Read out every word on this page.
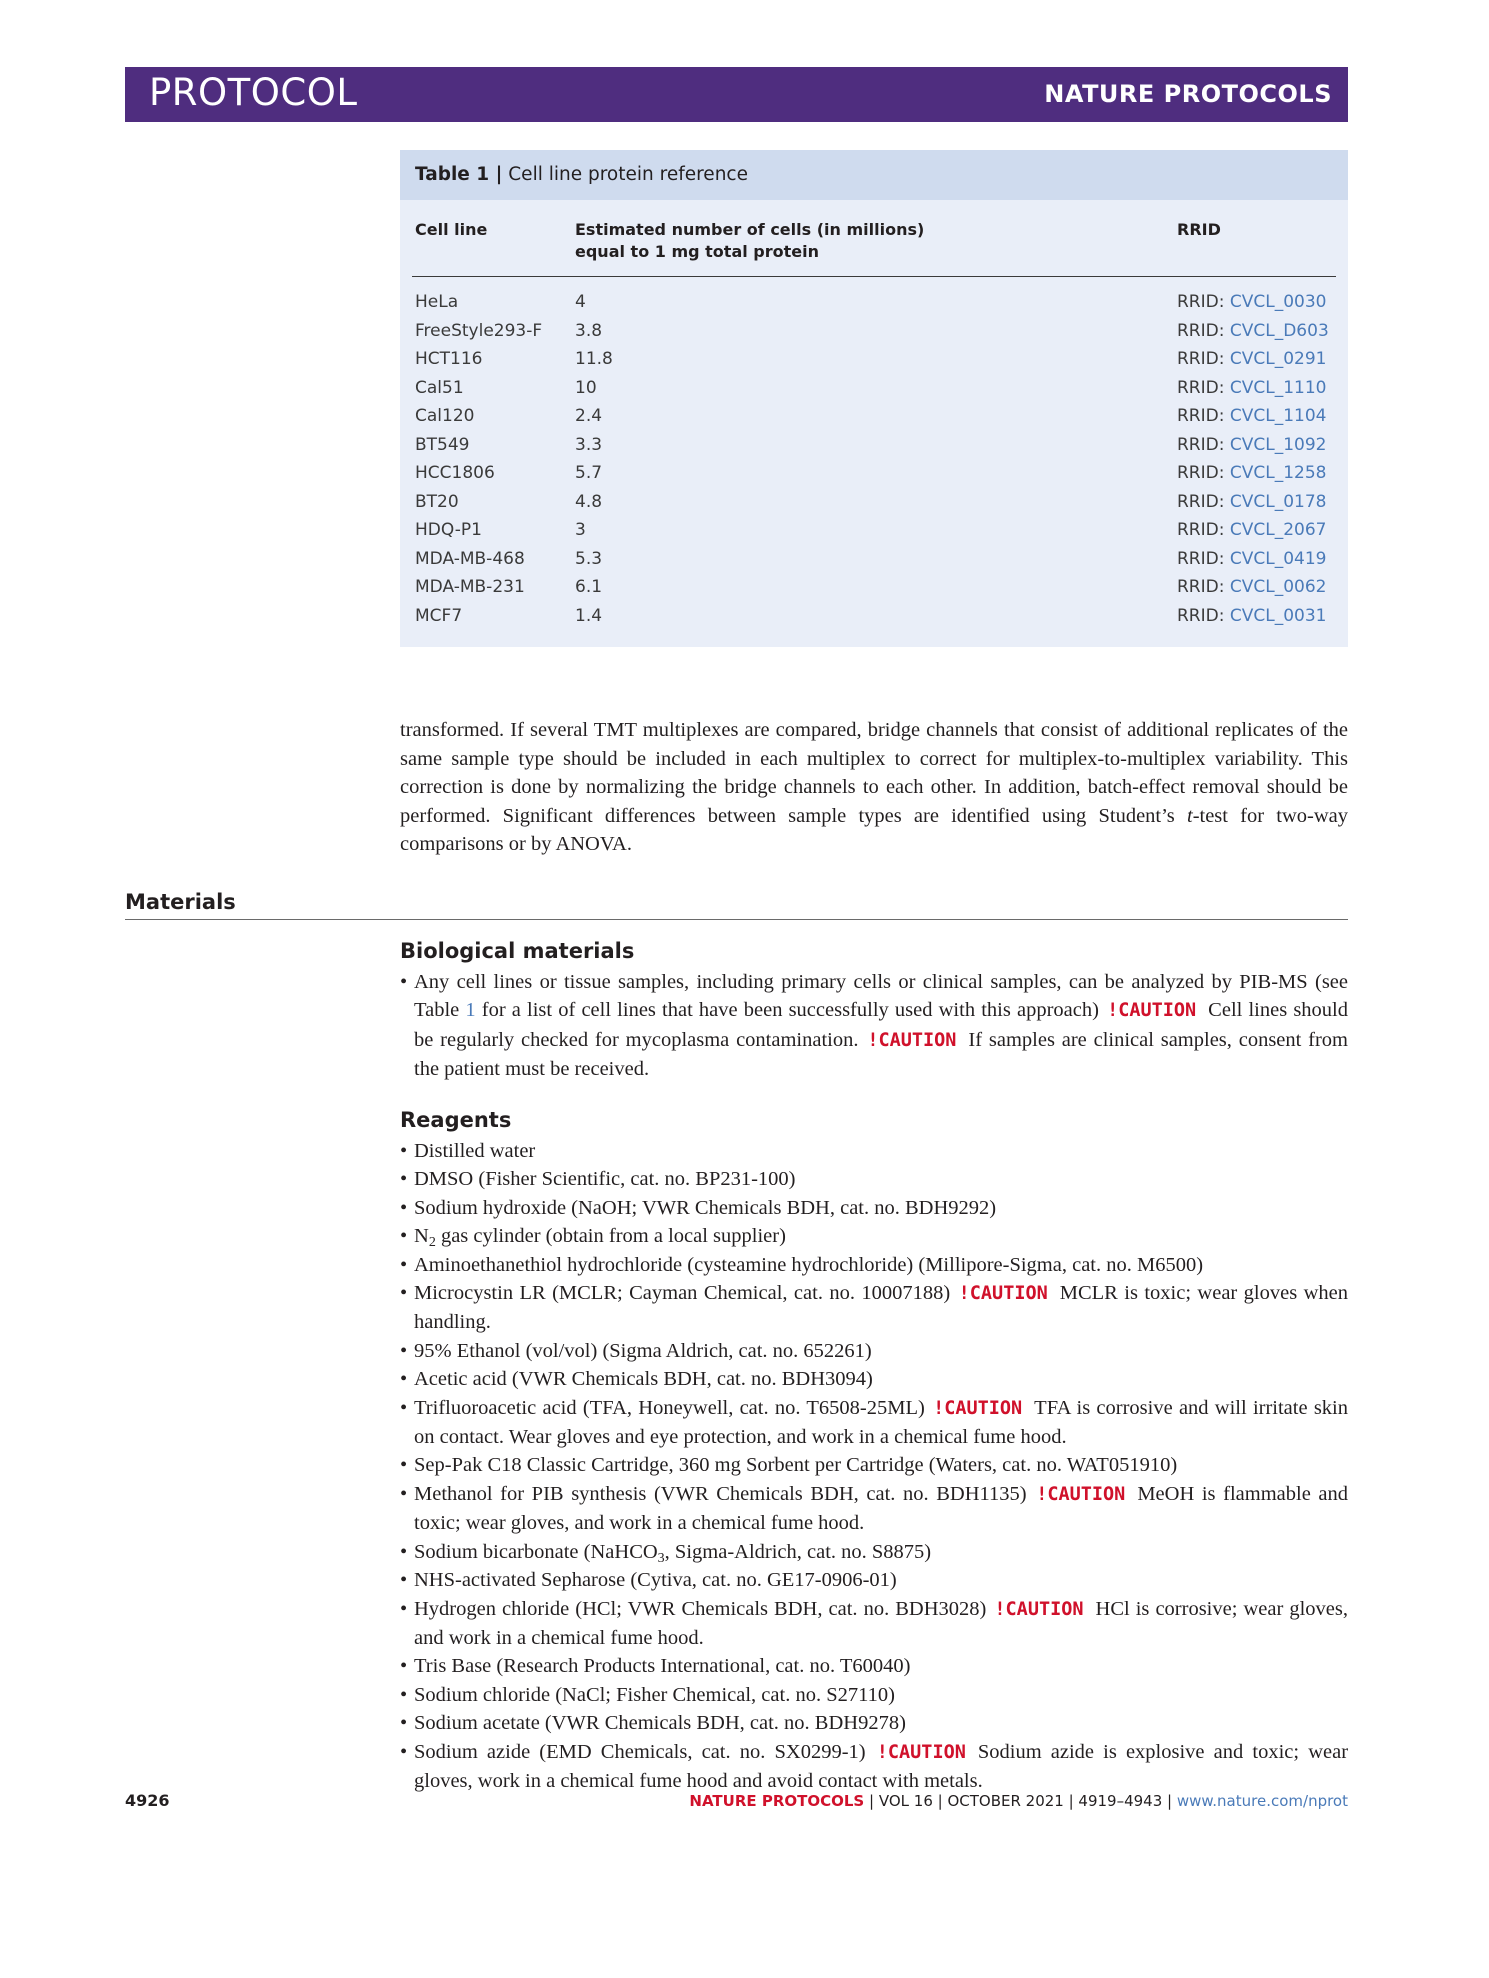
PROTOCOL	NATURE PROTOCOLS
Table 1 | Cell line protein reference
Cell line	Estimated number of cells (in millions)
equal to 1 mg total protein
RRID
HeLa	4	RRID: CVCL_0030
FreeStyle293-F 3.8	RRID: CVCL_D603
HCT116	11.8	RRID: CVCL_0291
Cal51	10	RRID: CVCL_1110
Cal120	2.4	RRID: CVCL_1104
BT549	3.3	RRID: CVCL_1092
HCC1806	5.7	RRID: CVCL_1258
BT20	4.8	RRID: CVCL_0178
HDQ-P1	3	RRID: CVCL_2067
MDA-MB-468	5.3	RRID: CVCL_0419
MDA-MB-231	6.1	RRID: CVCL_0062
MCF7	1.4	RRID: CVCL_0031

transformed. If several TMT multiplexes are compared, bridge channels that consist of additional replicates of the same sample type should be included in each multiplex to correct for multiplex-to-multiplex variability. This correction is done by normalizing the bridge channels to each other. In addition, batch-effect removal should be performed. Significant differences between sample types are identified using Student’s t-test for two-way comparisons or by ANOVA.

Materials
Biological materials
• Any cell lines or tissue samples, including primary cells or clinical samples, can be analyzed by PIB-MS (see Table 1 for a list of cell lines that have been successfully used with this approach) !CAUTION Cell lines should be regularly checked for mycoplasma contamination. !CAUTION If samples are clinical samples, consent from the patient must be received.
Reagents
• Distilled water
• DMSO (Fisher Scientific, cat. no. BP231-100)
• Sodium hydroxide (NaOH; VWR Chemicals BDH, cat. no. BDH9292)
• $N_2$ gas cylinder (obtain from a local supplier)
• Aminoethanethiol hydrochloride (cysteamine hydrochloride) (Millipore-Sigma, cat. no. M6500)
• Microcystin LR (MCLR; Cayman Chemical, cat. no. 10007188) !CAUTION MCLR is toxic; wear gloves when handling.
• 95% Ethanol (vol/vol) (Sigma Aldrich, cat. no. 652261)
• Acetic acid (VWR Chemicals BDH, cat. no. BDH3094)
• Trifluoroacetic acid (TFA, Honeywell, cat. no. T6508-25ML) !CAUTION TFA is corrosive and will irritate skin on contact. Wear gloves and eye protection, and work in a chemical fume hood.
• Sep-Pak C18 Classic Cartridge, 360 mg Sorbent per Cartridge (Waters, cat. no. WAT051910)
• Methanol for PIB synthesis (VWR Chemicals BDH, cat. no. BDH1135) !CAUTION MeOH is flammable and toxic; wear gloves, and work in a chemical fume hood.
• Sodium bicarbonate (NaHCO$_3$, Sigma-Aldrich, cat. no. S8875)
• NHS-activated Sepharose (Cytiva, cat. no. GE17-0906-01)
• Hydrogen chloride (HCl; VWR Chemicals BDH, cat. no. BDH3028) !CAUTION HCl is corrosive; wear gloves, and work in a chemical fume hood.
• Tris Base (Research Products International, cat. no. T60040)
• Sodium chloride (NaCl; Fisher Chemical, cat. no. S27110)
• Sodium acetate (VWR Chemicals BDH, cat. no. BDH9278)
• Sodium azide (EMD Chemicals, cat. no. SX0299-1) !CAUTION Sodium azide is explosive and toxic; wear gloves, work in a chemical fume hood and avoid contact with metals.
4926	NATURE PROTOCOLS | VOL 16 | OCTOBER 2021 | 4919–4943 | www.nature.com/nprot
